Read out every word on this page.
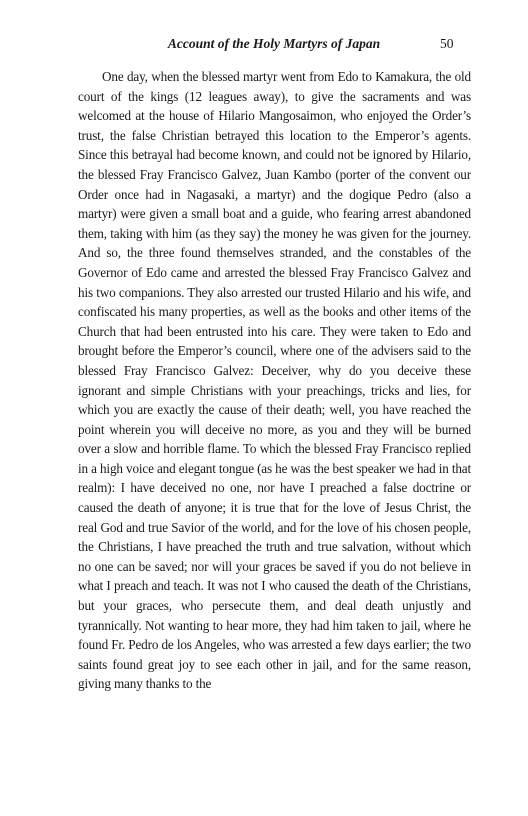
Account of the Holy Martyrs of Japan	50

One day, when the blessed martyr went from Edo to Kamakura, the old court of the kings (12 leagues away), to give the sacraments and was welcomed at the house of Hilario Mangosaimon, who enjoyed the Order’s trust, the false Christian betrayed this location to the Emperor’s agents. Since this betrayal had become known, and could not be ignored by Hilario, the blessed Fray Francisco Galvez, Juan Kambo (porter of the convent our Order once had in Nagasaki, a martyr) and the dogique Pedro (also a martyr) were given a small boat and a guide, who fearing arrest abandoned them, taking with him (as they say) the money he was given for the journey. And so, the three found themselves stranded, and the constables of the Governor of Edo came and arrested the blessed Fray Francisco Galvez and his two companions. They also arrested our trusted Hilario and his wife, and confiscated his many properties, as well as the books and other items of the Church that had been entrusted into his care. They were taken to Edo and brought before the Emperor’s council, where one of the advisers said to the blessed Fray Francisco Galvez: Deceiver, why do you deceive these ignorant and simple Christians with your preachings, tricks and lies, for which you are exactly the cause of their death; well, you have reached the point wherein you will deceive no more, as you and they will be burned over a slow and horrible flame. To which the blessed Fray Francisco replied in a high voice and elegant tongue (as he was the best speaker we had in that realm): I have deceived no one, nor have I preached a false doctrine or caused the death of anyone; it is true that for the love of Jesus Christ, the real God and true Savior of the world, and for the love of his chosen people, the Christians, I have preached the truth and true salvation, without which no one can be saved; nor will your graces be saved if you do not believe in what I preach and teach. It was not I who caused the death of the Christians, but your graces, who persecute them, and deal death unjustly and tyrannically. Not wanting to hear more, they had him taken to jail, where he found Fr. Pedro de los Angeles, who was arrested a few days earlier; the two saints found great joy to see each other in jail, and for the same reason, giving many thanks to the
